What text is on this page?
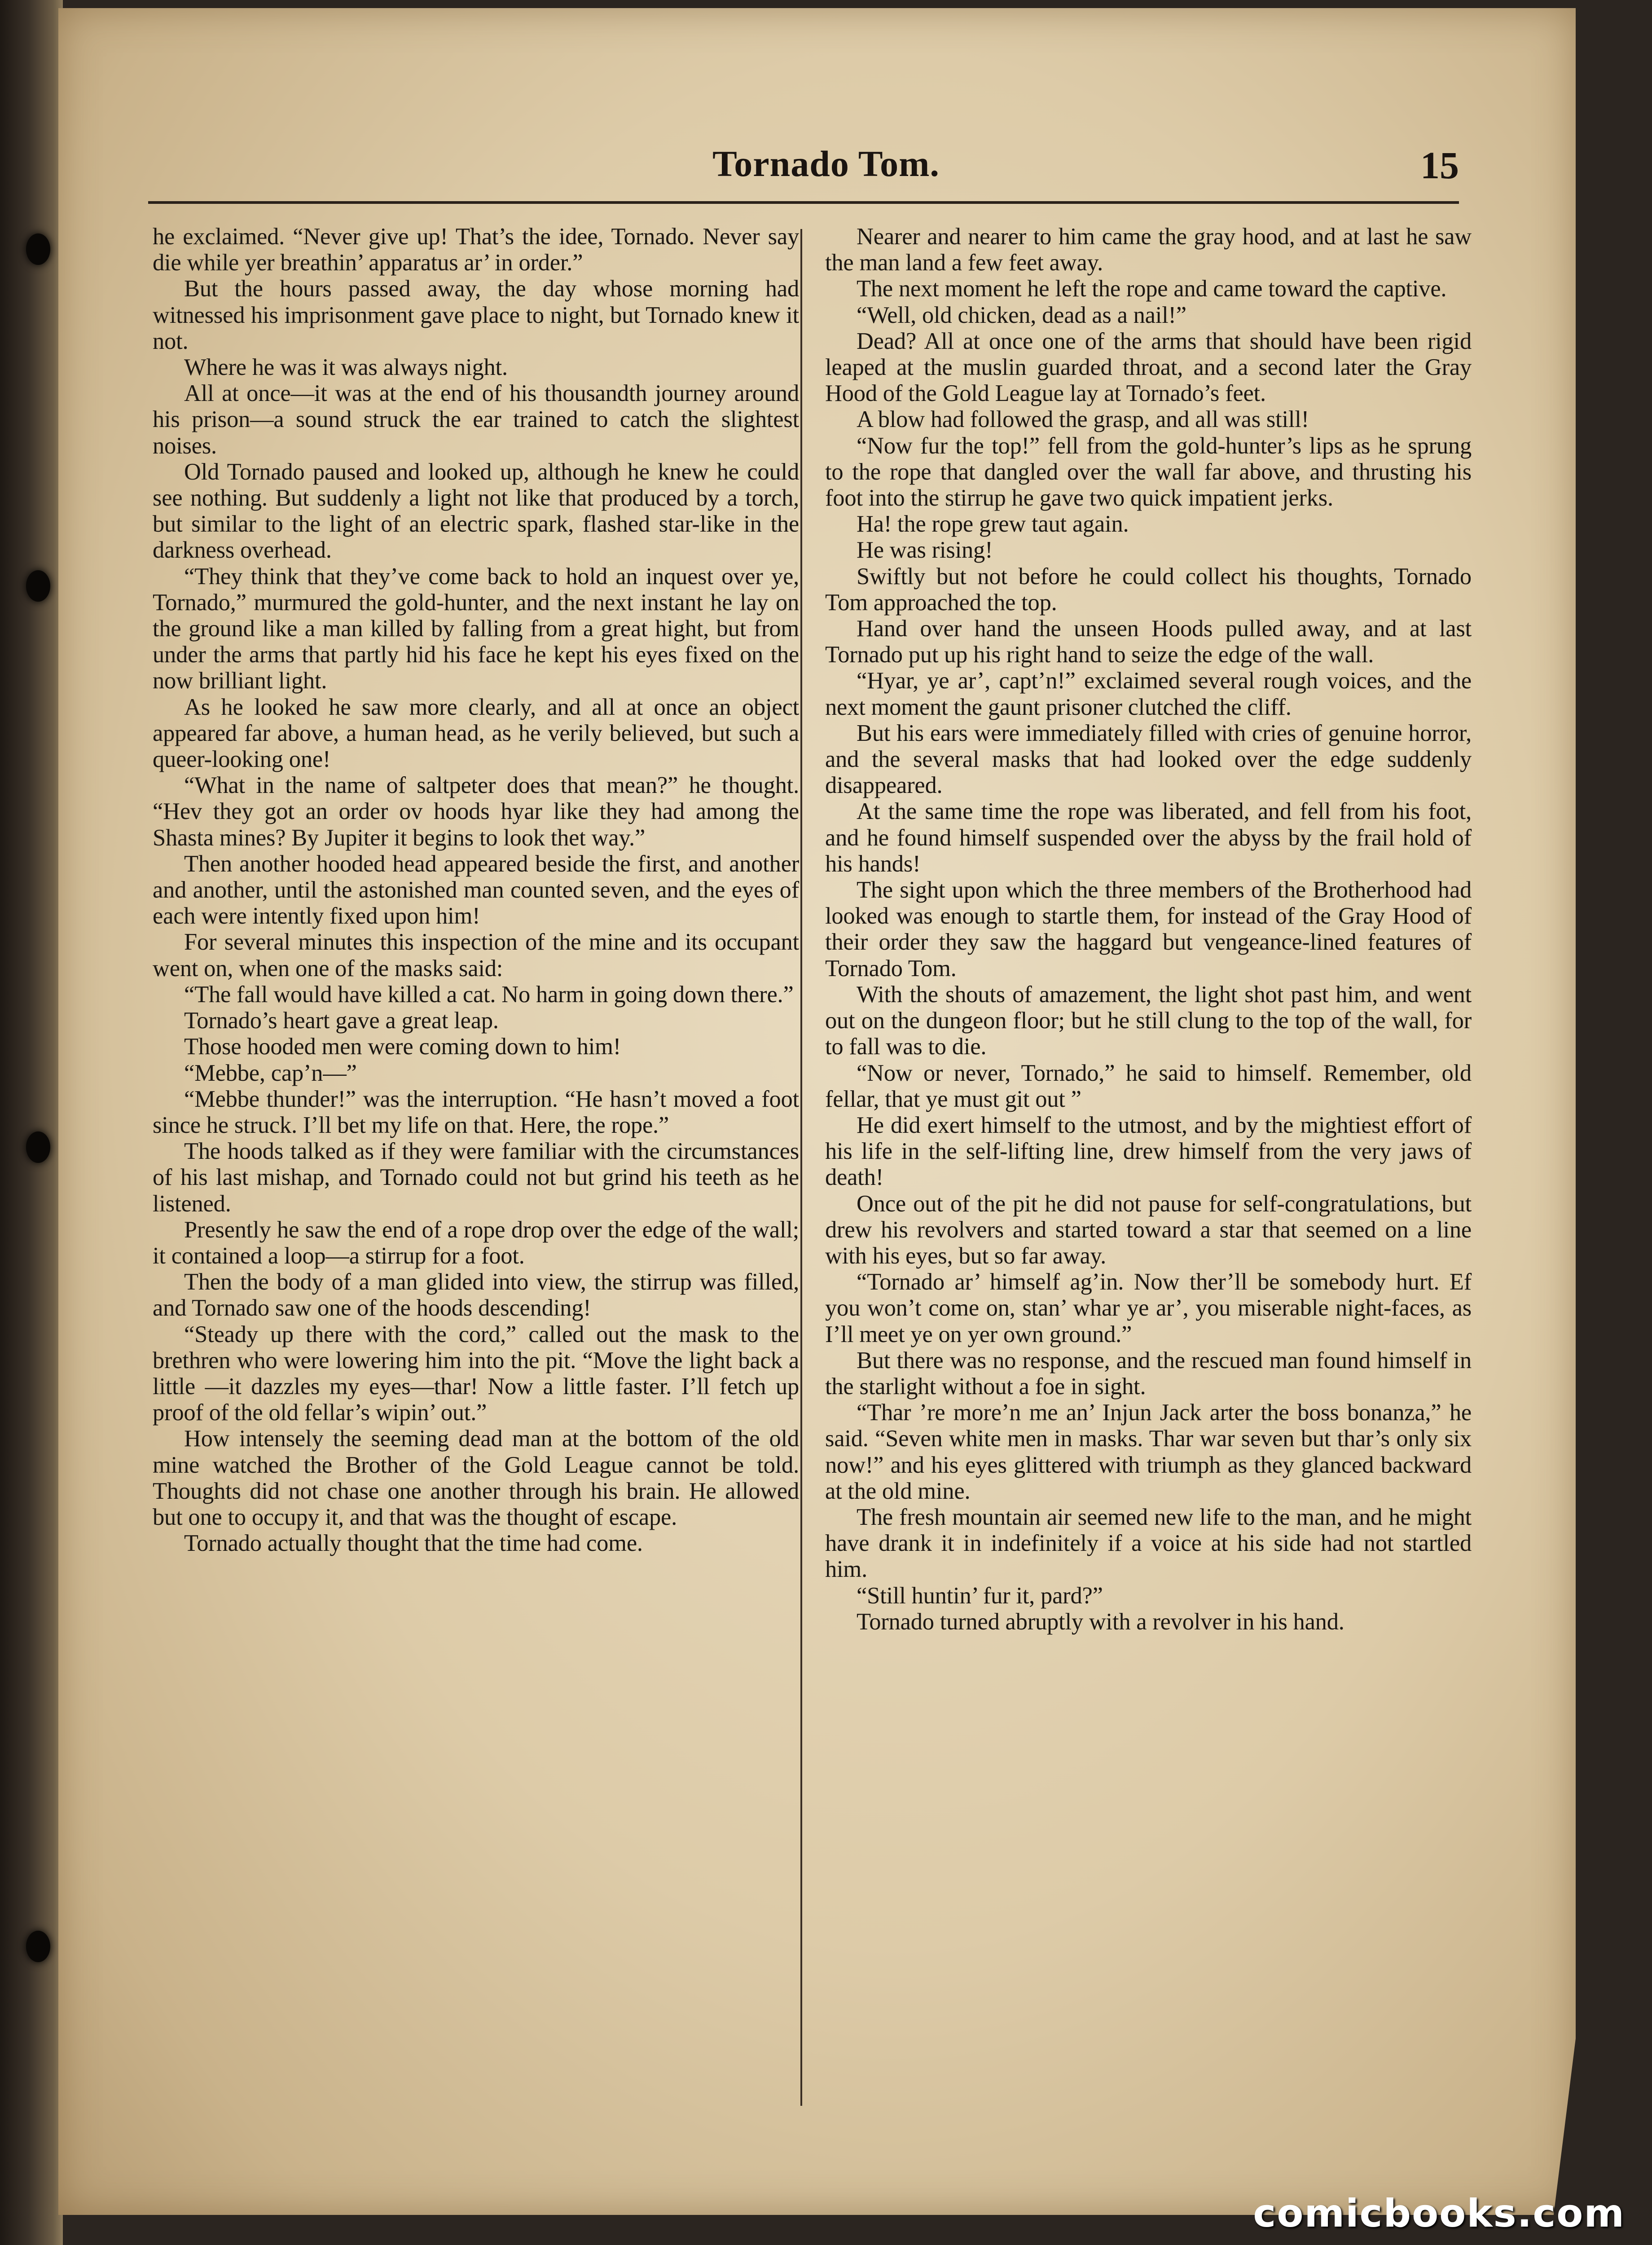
Tornado Tom.	15

he exclaimed. “Never give up! That’s the idee, Tornado. Never say die while yer breathin’ apparatus ar’ in order.”

But the hours passed away, the day whose morning had witnessed his imprisonment gave place to night, but Tornado knew it not.

Where he was it was always night.

All at once—it was at the end of his thousandth journey around his prison—a sound struck the ear trained to catch the slightest noises.

Old Tornado paused and looked up, although he knew he could see nothing. But suddenly a light not like that produced by a torch, but similar to the light of an electric spark, flashed star-like in the darkness overhead.

“They think that they’ve come back to hold an inquest over ye, Tornado,” murmured the gold-hunter, and the next instant he lay on the ground like a man killed by falling from a great hight, but from under the arms that partly hid his face he kept his eyes fixed on the now brilliant light.

As he looked he saw more clearly, and all at once an object appeared far above, a human head, as he verily believed, but such a queer-looking one!

“What in the name of saltpeter does that mean?” he thought. “Hev they got an order ov hoods hyar like they had among the Shasta mines? By Jupiter it begins to look thet way.”

Then another hooded head appeared beside the first, and another and another, until the astonished man counted seven, and the eyes of each were intently fixed upon him!

For several minutes this inspection of the mine and its occupant went on, when one of the masks said:

“The fall would have killed a cat. No harm in going down there.”

Tornado’s heart gave a great leap.

Those hooded men were coming down to him!

“Mebbe, cap’n—”

“Mebbe thunder!” was the interruption. “He hasn’t moved a foot since he struck. I’ll bet my life on that. Here, the rope.”

The hoods talked as if they were familiar with the circumstances of his last mishap, and Tornado could not but grind his teeth as he listened.

Presently he saw the end of a rope drop over the edge of the wall; it contained a loop—a stirrup for a foot.

Then the body of a man glided into view, the stirrup was filled, and Tornado saw one of the hoods descending!

“Steady up there with the cord,” called out the mask to the brethren who were lowering him into the pit. “Move the light back a little —it dazzles my eyes—thar! Now a little faster. I’ll fetch up proof of the old fellar’s wipin’ out.”

How intensely the seeming dead man at the bottom of the old mine watched the Brother of the Gold League cannot be told. Thoughts did not chase one another through his brain. He allowed but one to occupy it, and that was the thought of escape.

Tornado actually thought that the time had come.

Nearer and nearer to him came the gray hood, and at last he saw the man land a few feet away.

The next moment he left the rope and came toward the captive.

“Well, old chicken, dead as a nail!”

Dead? All at once one of the arms that should have been rigid leaped at the muslin guarded throat, and a second later the Gray Hood of the Gold League lay at Tornado’s feet.

A blow had followed the grasp, and all was still!

“Now fur the top!” fell from the gold-hunter’s lips as he sprung to the rope that dangled over the wall far above, and thrusting his foot into the stirrup he gave two quick impatient jerks.

Ha! the rope grew taut again.

He was rising!

Swiftly but not before he could collect his thoughts, Tornado Tom approached the top.

Hand over hand the unseen Hoods pulled away, and at last Tornado put up his right hand to seize the edge of the wall.

“Hyar, ye ar’, capt’n!” exclaimed several rough voices, and the next moment the gaunt prisoner clutched the cliff.

But his ears were immediately filled with cries of genuine horror, and the several masks that had looked over the edge suddenly disappeared.

At the same time the rope was liberated, and fell from his foot, and he found himself suspended over the abyss by the frail hold of his hands!

The sight upon which the three members of the Brotherhood had looked was enough to startle them, for instead of the Gray Hood of their order they saw the haggard but vengeance-lined features of Tornado Tom.

With the shouts of amazement, the light shot past him, and went out on the dungeon floor; but he still clung to the top of the wall, for to fall was to die.

“Now or never, Tornado,” he said to himself. Remember, old fellar, that ye must git out ”

He did exert himself to the utmost, and by the mightiest effort of his life in the self-lifting line, drew himself from the very jaws of death!

Once out of the pit he did not pause for self-congratulations, but drew his revolvers and started toward a star that seemed on a line with his eyes, but so far away.

“Tornado ar’ himself ag’in. Now ther’ll be somebody hurt. Ef you won’t come on, stan’ whar ye ar’, you miserable night-faces, as I’ll meet ye on yer own ground.”

But there was no response, and the rescued man found himself in the starlight without a foe in sight.

“Thar ’re more’n me an’ Injun Jack arter the boss bonanza,” he said. “Seven white men in masks. Thar war seven but thar’s only six now!” and his eyes glittered with triumph as they glanced backward at the old mine.

The fresh mountain air seemed new life to the man, and he might have drank it in indefinitely if a voice at his side had not startled him.

“Still huntin’ fur it, pard?”

Tornado turned abruptly with a revolver in his hand.

comicbooks.com
